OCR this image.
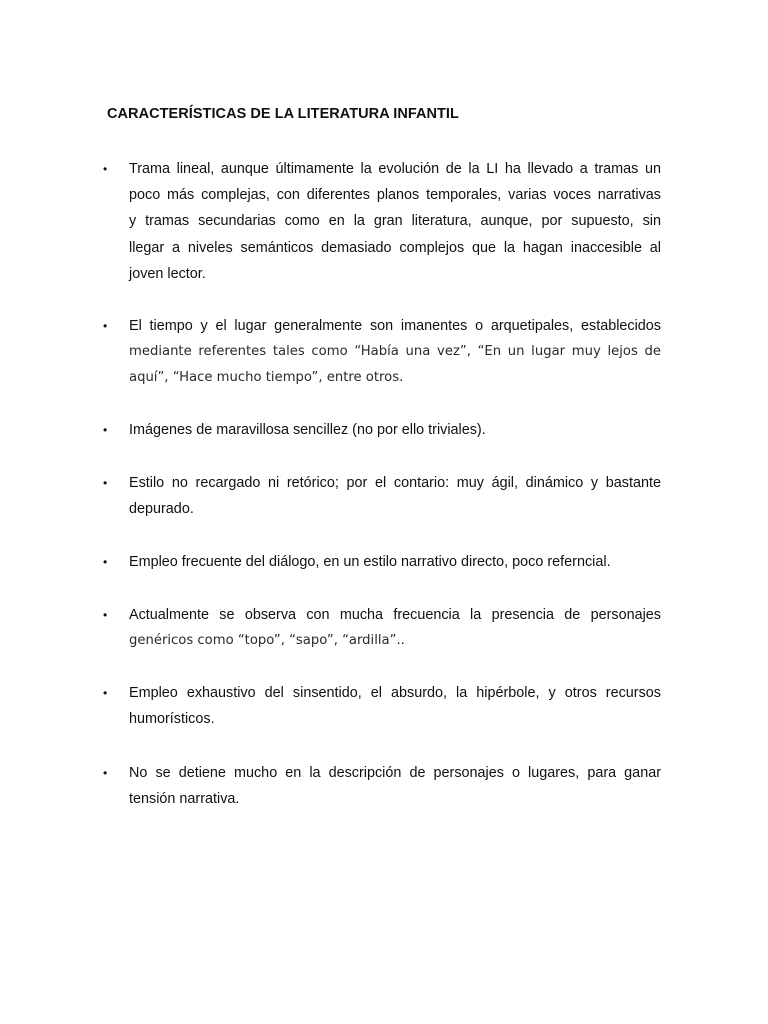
CARACTERÍSTICAS DE LA LITERATURA INFANTIL
• Trama lineal, aunque últimamente la evolución de la LI ha llevado a tramas un
poco más complejas, con diferentes planos temporales, varias voces narrativas
y tramas secundarias como en la gran literatura, aunque, por supuesto, sin
llegar a niveles semánticos demasiado complejos que la hagan inaccesible al
joven lector.
• El tiempo y el lugar generalmente son imanentes o arquetipales, establecidos
mediante referentes tales como “Había una vez”, “En un lugar muy lejos de
aquí”, “Hace mucho tiempo”, entre otros.
• Imágenes de maravillosa sencillez (no por ello triviales).
• Estilo no recargado ni retórico; por el contario: muy ágil, dinámico y bastante
depurado.
• Empleo frecuente del diálogo, en un estilo narrativo directo, poco referncial.
• Actualmente se observa con mucha frecuencia la presencia de personajes
genéricos como “topo”, “sapo”, “ardilla”..
• Empleo exhaustivo del sinsentido, el absurdo, la hipérbole, y otros recursos
humorísticos.
• No se detiene mucho en la descripción de personajes o lugares, para ganar
tensión narrativa.
